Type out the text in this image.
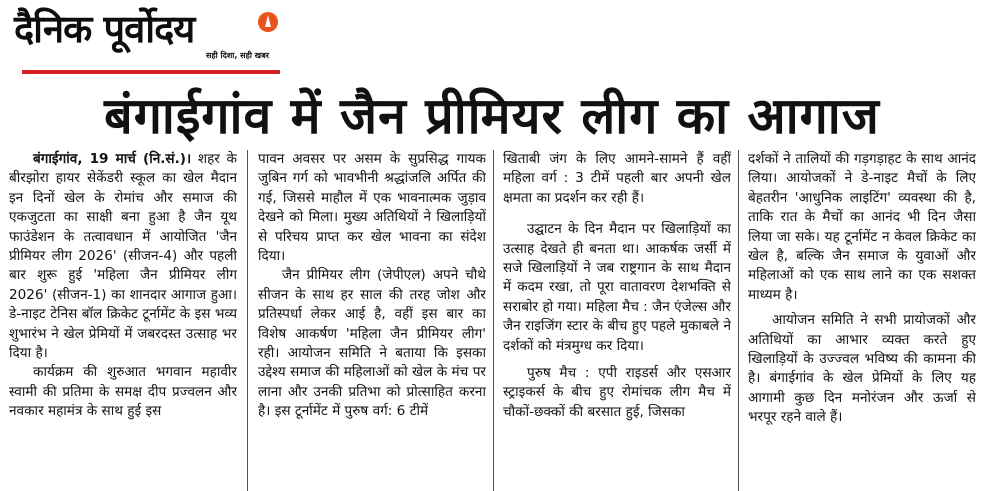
दैनिक पूर्वोदय
सही दिशा, सही खबर
बंगाईगांव में जैन प्रीमियर लीग का आगाज

बंगाईगांव, 19 मार्च (नि.सं.)। शहर के बीरझोरा हायर सेकेंडरी स्कूल का खेल मैदान इन दिनों खेल के रोमांच और समाज की एकजुटता का साक्षी बना हुआ है जैन यूथ फाउंडेशन के तत्वावधान में आयोजित 'जैन प्रीमियर लीग 2026' (सीजन-4) और पहली बार शुरू हुई 'महिला जैन प्रीमियर लीग 2026' (सीजन-1) का शानदार आगाज हुआ। डे-नाइट टेनिस बॉल क्रिकेट टूर्नामेंट के इस भव्य शुभारंभ ने खेल प्रेमियों में जबरदस्त उत्साह भर दिया है।

कार्यक्रम की शुरुआत भगवान महावीर स्वामी की प्रतिमा के समक्ष दीप प्रज्वलन और नवकार महामंत्र के साथ हुई इस

पावन अवसर पर असम के सुप्रसिद्ध गायक जुबिन गर्ग को भावभीनी श्रद्धांजलि अर्पित की गई, जिससे माहौल में एक भावनात्मक जुड़ाव देखने को मिला। मुख्य अतिथियों ने खिलाड़ियों से परिचय प्राप्त कर खेल भावना का संदेश दिया।

जैन प्रीमियर लीग (जेपीएल) अपने चौथे सीजन के साथ हर साल की तरह जोश और प्रतिस्पर्धा लेकर आई है, वहीं इस बार का विशेष आकर्षण 'महिला जैन प्रीमियर लीग' रही। आयोजन समिति ने बताया कि इसका उद्देश्य समाज की महिलाओं को खेल के मंच पर लाना और उनकी प्रतिभा को प्रोत्साहित करना है। इस टूर्नामेंट में पुरुष वर्ग: 6 टीमें

खिताबी जंग के लिए आमने-सामने हैं वहीं महिला वर्ग : 3 टीमें पहली बार अपनी खेल क्षमता का प्रदर्शन कर रही हैं।

उद्घाटन के दिन मैदान पर खिलाड़ियों का उत्साह देखते ही बनता था। आकर्षक जर्सी में सजे खिलाड़ियों ने जब राष्ट्रगान के साथ मैदान में कदम रखा, तो पूरा वातावरण देशभक्ति से सराबोर हो गया। महिला मैच : जैन एंजेल्स और जैन राइजिंग स्टार के बीच हुए पहले मुकाबले ने दर्शकों को मंत्रमुग्ध कर दिया।

पुरुष मैच : एपी राइडर्स और एसआर स्ट्राइकर्स के बीच हुए रोमांचक लीग मैच में चौकों-छक्कों की बरसात हुई, जिसका

दर्शकों ने तालियों की गड़गड़ाहट के साथ आनंद लिया। आयोजकों ने डे-नाइट मैचों के लिए बेहतरीन 'आधुनिक लाइटिंग' व्यवस्था की है, ताकि रात के मैचों का आनंद भी दिन जैसा लिया जा सके। यह टूर्नामेंट न केवल क्रिकेट का खेल है, बल्कि जैन समाज के युवाओं और महिलाओं को एक साथ लाने का एक सशक्त माध्यम है।

आयोजन समिति ने सभी प्रायोजकों और अतिथियों का आभार व्यक्त करते हुए खिलाड़ियों के उज्ज्वल भविष्य की कामना की है। बंगाईगांव के खेल प्रेमियों के लिए यह आगामी कुछ दिन मनोरंजन और ऊर्जा से भरपूर रहने वाले हैं।
